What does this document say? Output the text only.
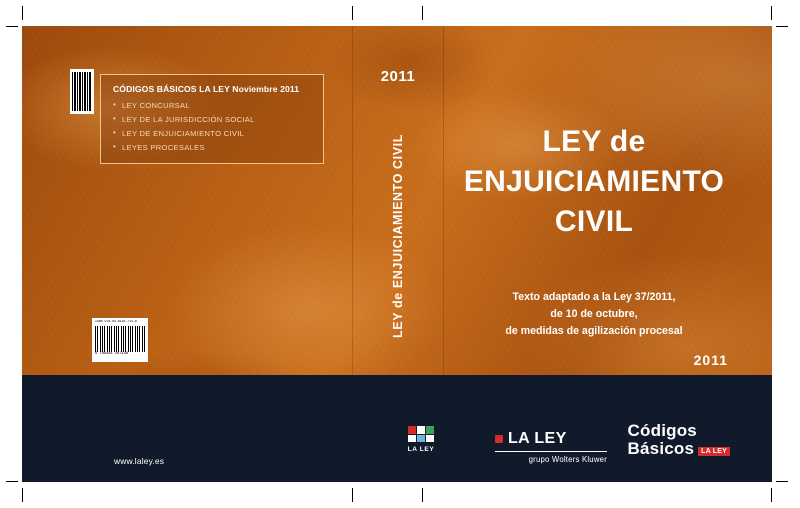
CÓDIGOS BÁSICOS LA LEY Noviembre 2011
• LEY CONCURSAL
• LEY DE LA JURISDICCIÓN SOCIAL
• LEY DE ENJUICIAMIENTO CIVIL
• LEYES PROCESALES
ISBN 978-84-8126-714-8
9 788481 267148
www.laley.es
2011
LEY de ENJUICIAMIENTO CIVIL	LEY de
ENJUICIAMIENTO
CIVIL
Texto adaptado a la Ley 37/2011,
de 10 de octubre,
de medidas de agilización procesal
2011
LA LEY
LA LEY
grupo Wolters Kluwer
Códigos
Básicos	LA LEY
